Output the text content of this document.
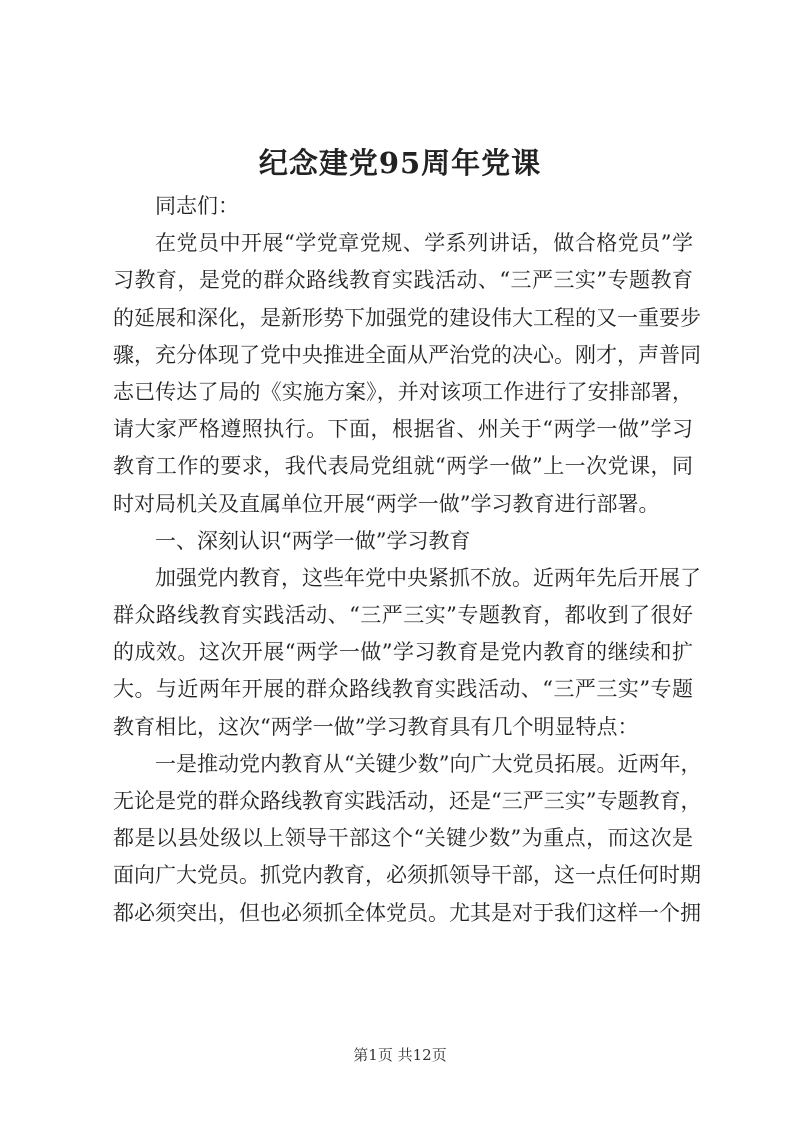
纪念建党95周年党课
同志们：
在党员中开展“学党章党规、学系列讲话，做合格党员”学
习教育，是党的群众路线教育实践活动、“三严三实”专题教育
的延展和深化，是新形势下加强党的建设伟大工程的又一重要步
骤，充分体现了党中央推进全面从严治党的决心。刚才，声普同
志已传达了局的《实施方案》，并对该项工作进行了安排部署，
请大家严格遵照执行。下面，根据省、州关于“两学一做”学习
教育工作的要求，我代表局党组就“两学一做”上一次党课，同
时对局机关及直属单位开展“两学一做”学习教育进行部署。
一、深刻认识“两学一做”学习教育
加强党内教育，这些年党中央紧抓不放。近两年先后开展了
群众路线教育实践活动、“三严三实”专题教育，都收到了很好
的成效。这次开展“两学一做”学习教育是党内教育的继续和扩
大。与近两年开展的群众路线教育实践活动、“三严三实”专题
教育相比，这次“两学一做”学习教育具有几个明显特点：
一是推动党内教育从“关键少数”向广大党员拓展。近两年，
无论是党的群众路线教育实践活动，还是“三严三实”专题教育，
都是以县处级以上领导干部这个“关键少数”为重点，而这次是
面向广大党员。抓党内教育，必须抓领导干部，这一点任何时期
都必须突出，但也必须抓全体党员。尤其是对于我们这样一个拥
第1页 共12页
